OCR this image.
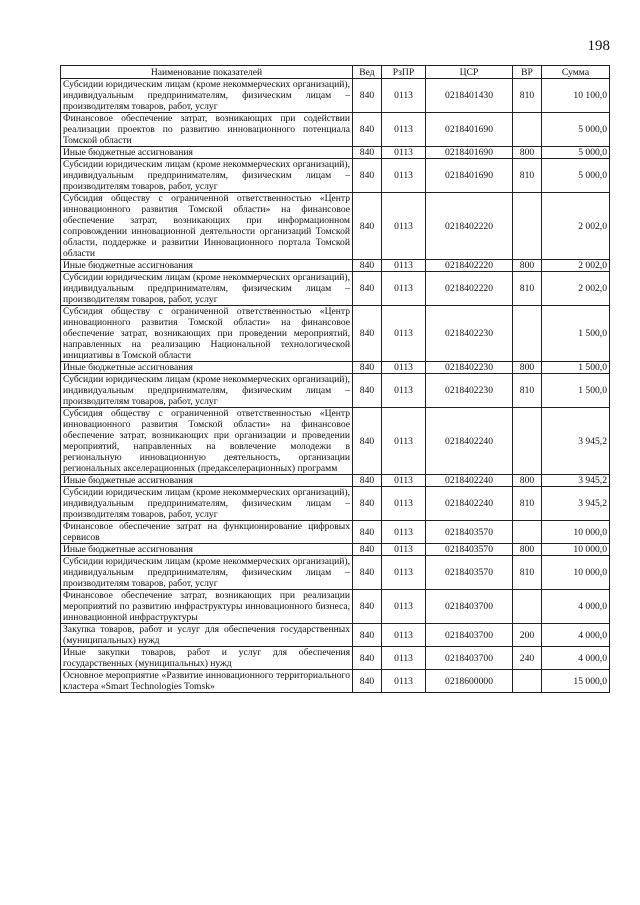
198
Наименование показателей	Вед	РзПР	ЦСР	ВР	Сумма
Субсидии юридическим лицам (кроме некоммерческих организаций), индивидуальным предпринимателям, физическим лицам – производителям товаров, работ, услуг	840	0113	0218401430	810	10 100,0
Финансовое обеспечение затрат, возникающих при содействии реализации проектов по развитию инновационного потенциала Томской области	840	0113	0218401690		5 000,0
Иные бюджетные ассигнования	840	0113	0218401690	800	5 000,0
Субсидии юридическим лицам (кроме некоммерческих организаций), индивидуальным предпринимателям, физическим лицам – производителям товаров, работ, услуг	840	0113	0218401690	810	5 000,0
Субсидия обществу с ограниченной ответственностью «Центр инновационного развития Томской области» на финансовое обеспечение затрат, возникающих при информационном сопровождении инновационной деятельности организаций Томской области, поддержке и развитии Инновационного портала Томской области	840	0113	0218402220		2 002,0
Иные бюджетные ассигнования	840	0113	0218402220	800	2 002,0
Субсидии юридическим лицам (кроме некоммерческих организаций), индивидуальным предпринимателям, физическим лицам – производителям товаров, работ, услуг	840	0113	0218402220	810	2 002,0
Субсидия обществу с ограниченной ответственностью «Центр инновационного развития Томской области» на финансовое обеспечение затрат, возникающих при проведении мероприятий, направленных на реализацию Национальной технологической инициативы в Томской области	840	0113	0218402230		1 500,0
Иные бюджетные ассигнования	840	0113	0218402230	800	1 500,0
Субсидии юридическим лицам (кроме некоммерческих организаций), индивидуальным предпринимателям, физическим лицам – производителям товаров, работ, услуг	840	0113	0218402230	810	1 500,0
Субсидия обществу с ограниченной ответственностью «Центр инновационного развития Томской области» на финансовое обеспечение затрат, возникающих при организации и проведении мероприятий, направленных на вовлечение молодежи в региональную инновационную деятельность, организации региональных акселерационных (предакселерационных) программ	840	0113	0218402240		3 945,2
Иные бюджетные ассигнования	840	0113	0218402240	800	3 945,2
Субсидии юридическим лицам (кроме некоммерческих организаций), индивидуальным предпринимателям, физическим лицам – производителям товаров, работ, услуг	840	0113	0218402240	810	3 945,2
Финансовое обеспечение затрат на функционирование цифровых сервисов	840	0113	0218403570		10 000,0
Иные бюджетные ассигнования	840	0113	0218403570	800	10 000,0
Субсидии юридическим лицам (кроме некоммерческих организаций), индивидуальным предпринимателям, физическим лицам – производителям товаров, работ, услуг	840	0113	0218403570	810	10 000,0
Финансовое обеспечение затрат, возникающих при реализации мероприятий по развитию инфраструктуры инновационного бизнеса, инновационной инфраструктуры	840	0113	0218403700		4 000,0
Закупка товаров, работ и услуг для обеспечения государственных (муниципальных) нужд	840	0113	0218403700	200	4 000,0
Иные закупки товаров, работ и услуг для обеспечения государственных (муниципальных) нужд	840	0113	0218403700	240	4 000,0
Основное мероприятие «Развитие инновационного территориального кластера «Smart Technologies Tomsk»	840	0113	0218600000		15 000,0
